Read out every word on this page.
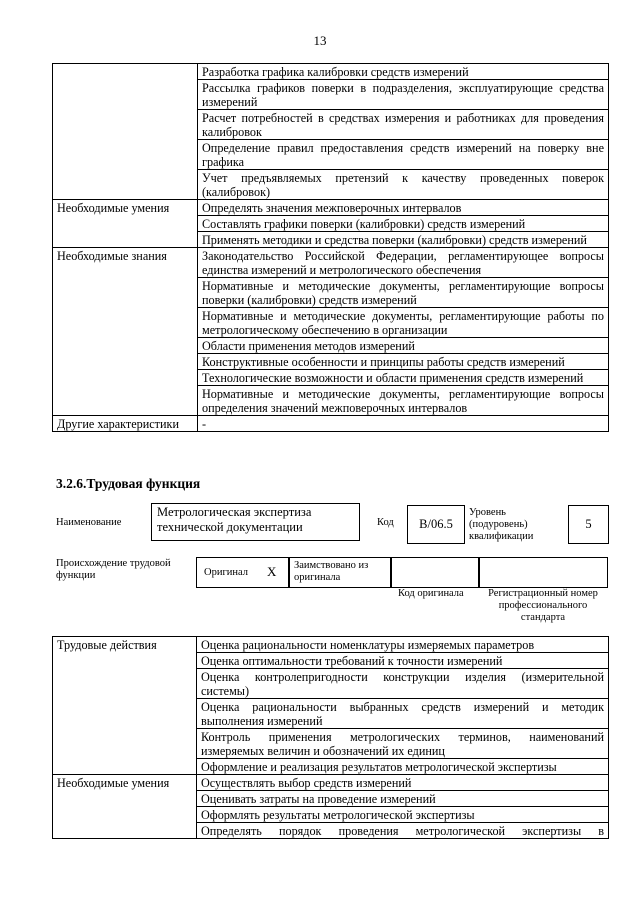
13
	Разработка графика калибровки средств измерений
	Рассылка графиков поверки в подразделения, эксплуатирующие средства измерений
	Расчет потребностей в средствах измерения и работниках для проведения калибровок
	Определение правил предоставления средств измерений на поверку вне графика
	Учет предъявляемых претензий к качеству проведенных поверок (калибровок)
Необходимые умения	Определять значения межповерочных интервалов
	Составлять графики поверки (калибровки) средств измерений
	Применять методики и средства поверки (калибровки) средств измерений
Необходимые знания	Законодательство Российской Федерации, регламентирующее вопросы единства измерений и метрологического обеспечения
	Нормативные и методические документы, регламентирующие вопросы поверки (калибровки) средств измерений
	Нормативные и методические документы, регламентирующие работы по метрологическому обеспечению в организации
	Области применения методов измерений
	Конструктивные особенности и принципы работы средств измерений
	Технологические возможности и области применения средств измерений
	Нормативные и методические документы, регламентирующие вопросы определения значений межповерочных интервалов
Другие характеристики	-
3.2.6.Трудовая функция
Наименование
Метрологическая экспертиза технической документации	Код	B/06.5
Уровень (подуровень) квалификации
5
Происхождение трудовой функции	Оригинал X Заимствовано из оригинала
Код оригинала	Регистрационный номер профессионального стандарта
Трудовые действия	Оценка рациональности номенклатуры измеряемых параметров
	Оценка оптимальности требований к точности измерений
	Оценка контролепригодности конструкции изделия (измерительной системы)
	Оценка рациональности выбранных средств измерений и методик выполнения измерений
	Контроль применения метрологических терминов, наименований измеряемых величин и обозначений их единиц
	Оформление и реализация результатов метрологической экспертизы
Необходимые умения	Осуществлять выбор средств измерений
	Оценивать затраты на проведение измерений
	Оформлять результаты метрологической экспертизы
	Определять порядок проведения метрологической экспертизы в
